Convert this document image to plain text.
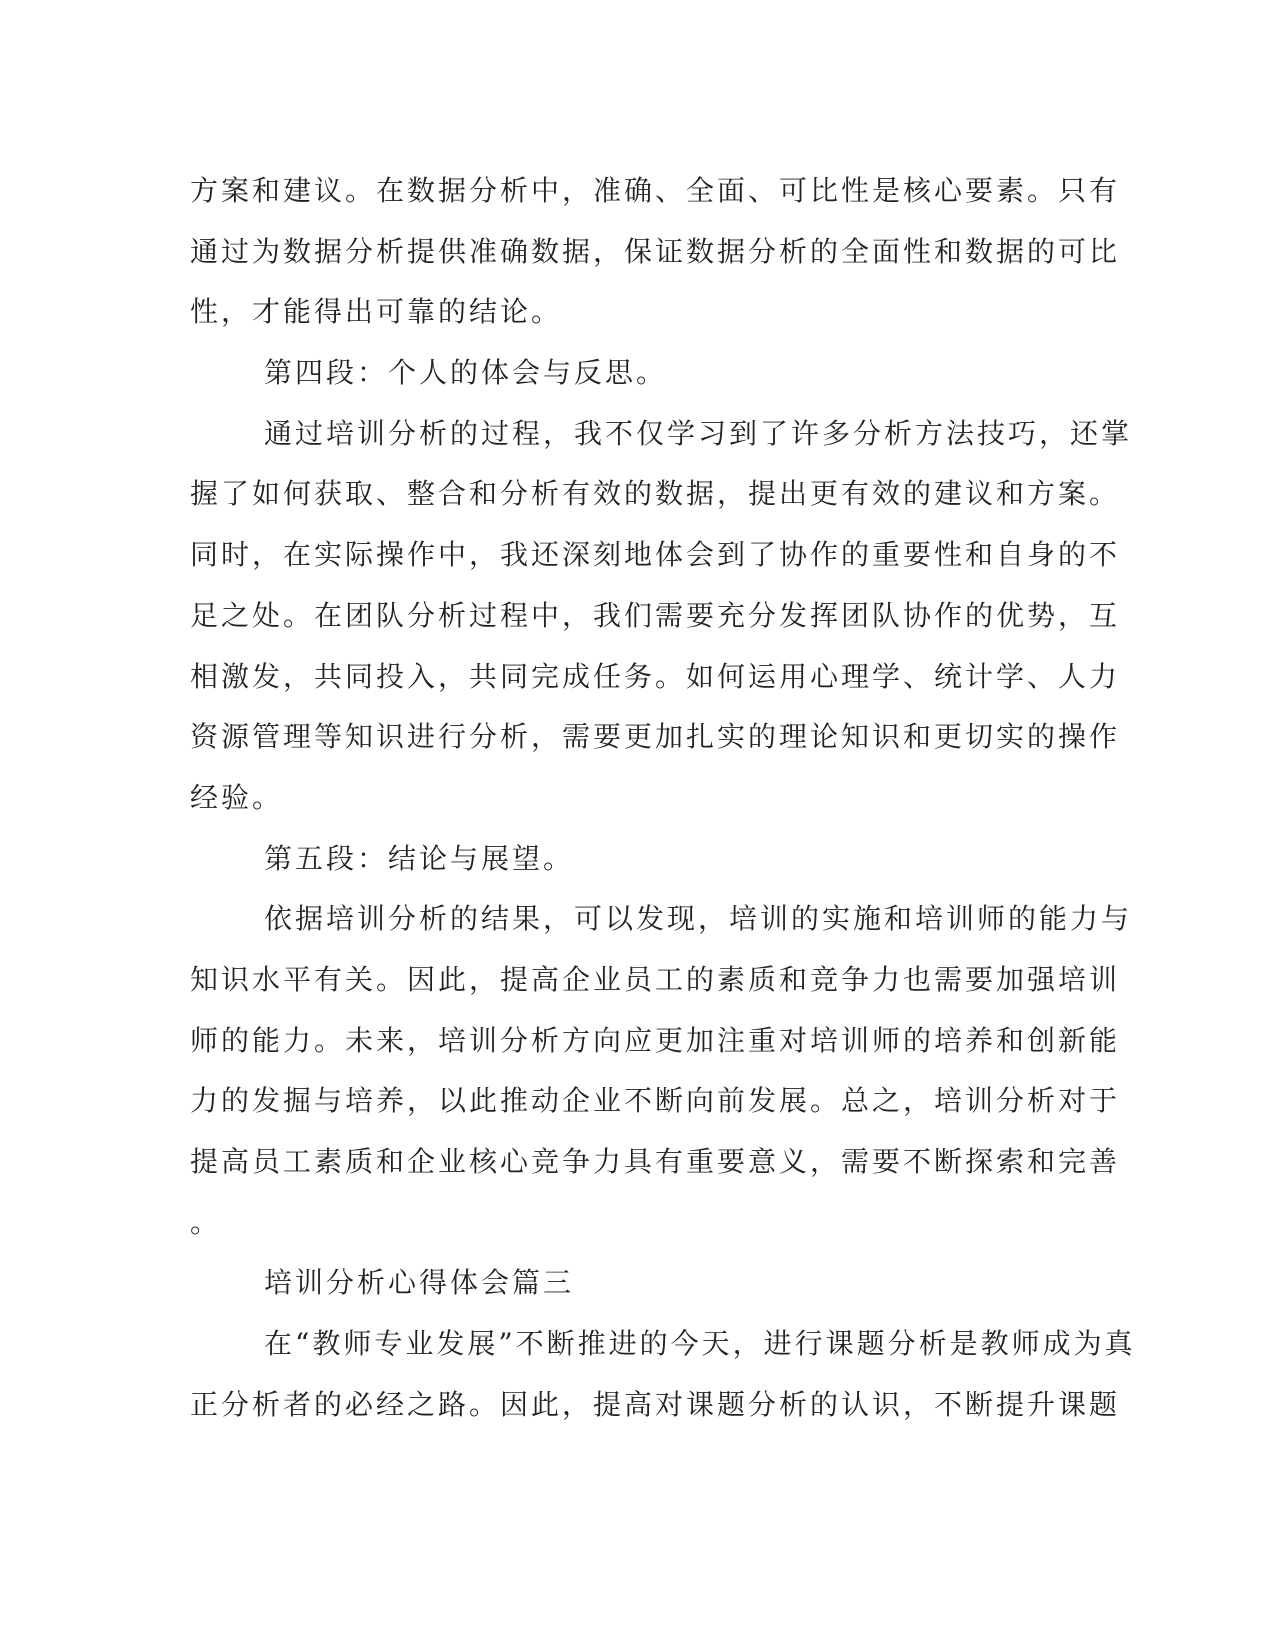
方案和建议。在数据分析中，准确、全面、可比性是核心要素。只有
通过为数据分析提供准确数据，保证数据分析的全面性和数据的可比
性，才能得出可靠的结论。
第四段：个人的体会与反思。
通过培训分析的过程，我不仅学习到了许多分析方法技巧，还掌
握了如何获取、整合和分析有效的数据，提出更有效的建议和方案。
同时，在实际操作中，我还深刻地体会到了协作的重要性和自身的不
足之处。在团队分析过程中，我们需要充分发挥团队协作的优势，互
相激发，共同投入，共同完成任务。如何运用心理学、统计学、人力
资源管理等知识进行分析，需要更加扎实的理论知识和更切实的操作
经验。
第五段：结论与展望。
依据培训分析的结果，可以发现，培训的实施和培训师的能力与
知识水平有关。因此，提高企业员工的素质和竞争力也需要加强培训
师的能力。未来，培训分析方向应更加注重对培训师的培养和创新能
力的发掘与培养，以此推动企业不断向前发展。总之，培训分析对于
提高员工素质和企业核心竞争力具有重要意义，需要不断探索和完善
。
培训分析心得体会篇三
在“教师专业发展”不断推进的今天，进行课题分析是教师成为真
正分析者的必经之路。因此，提高对课题分析的认识，不断提升课题
